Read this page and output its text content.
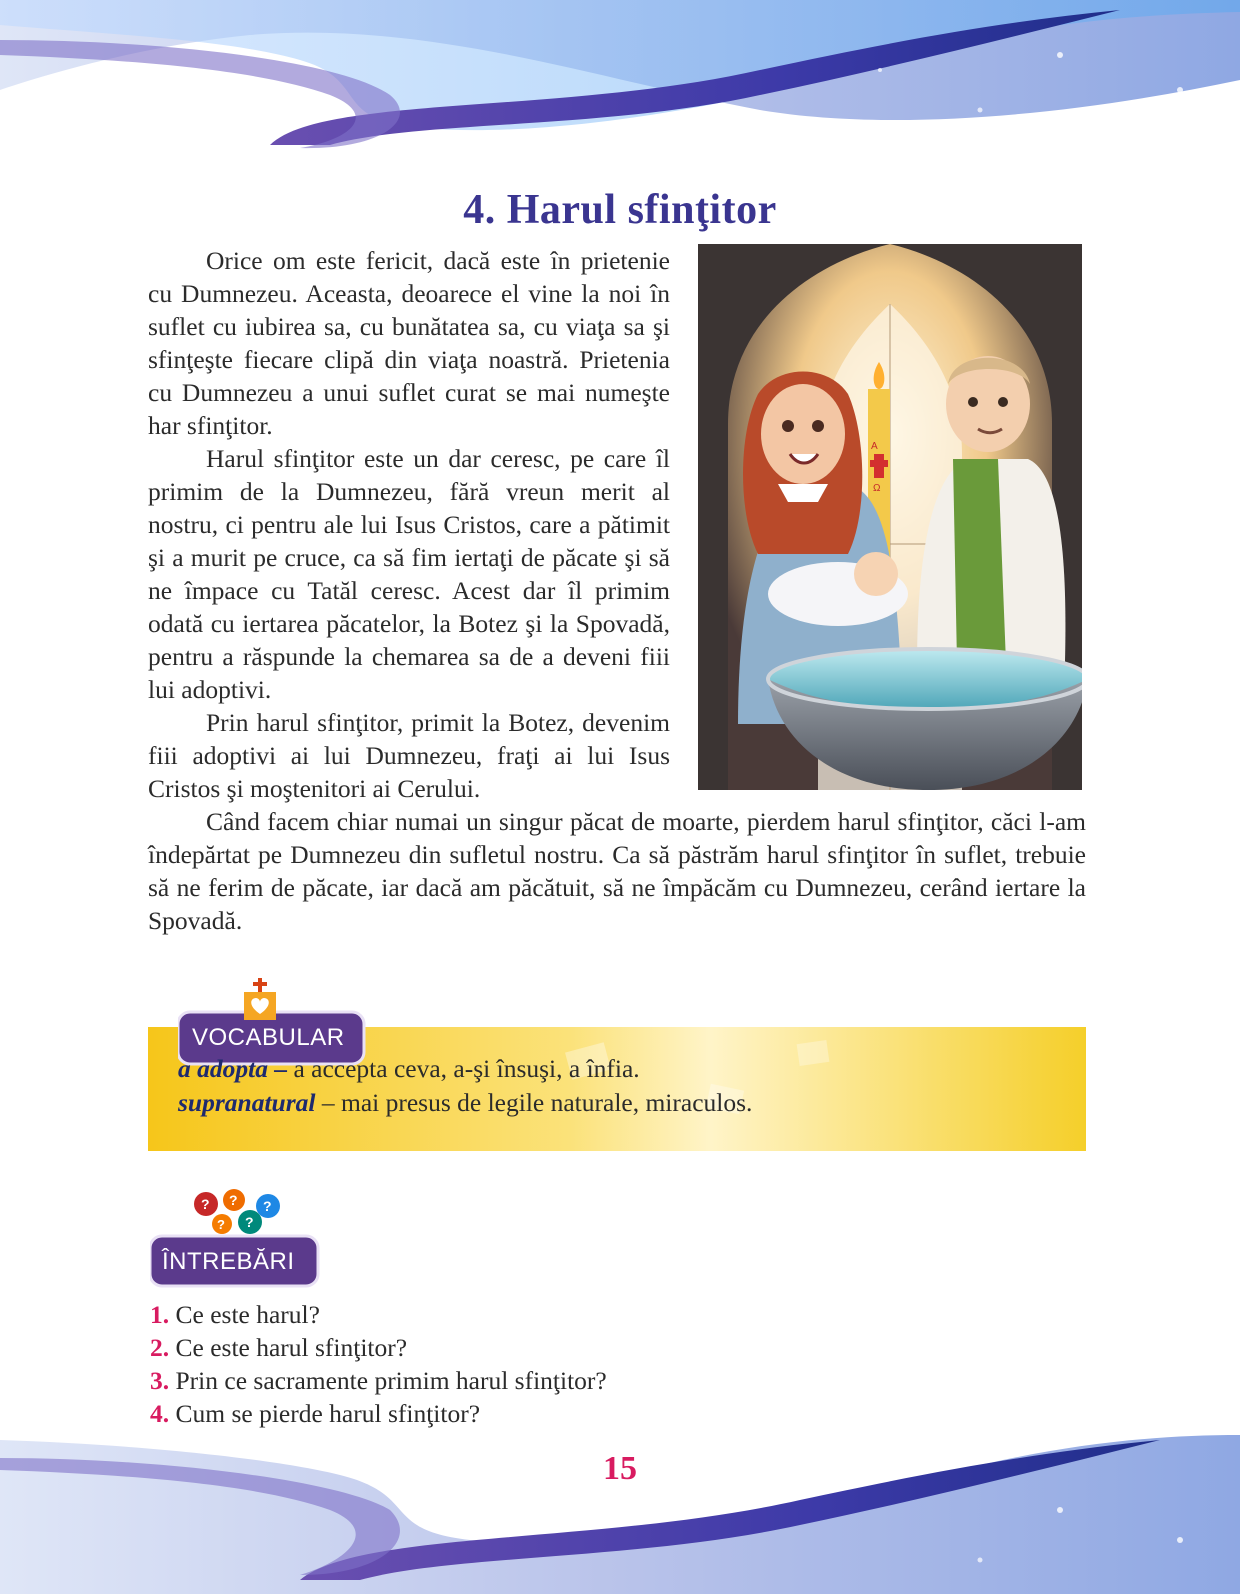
4. Harul sfinţitor

Orice om este fericit, dacă este în prietenie cu Dumnezeu. Aceasta, deoarece el vine la noi în suflet cu iubirea sa, cu bunătatea sa, cu viaţa sa şi sfinţeşte fiecare clipă din viaţa noastră. Prietenia cu Dumnezeu a unui suflet curat se mai numeşte har sfinţitor.

Harul sfinţitor este un dar ceresc, pe care îl primim de la Dumnezeu, fără vreun merit al nostru, ci pentru ale lui Isus Cristos, care a pătimit şi a murit pe cruce, ca să fim iertaţi de păcate şi să ne împace cu Tatăl ceresc. Acest dar îl primim odată cu iertarea păcatelor, la Botez şi la Spovadă, pentru a răspunde la chemarea sa de a deveni fiii lui adoptivi.

Prin harul sfinţitor, primit la Botez, devenim fiii adoptivi ai lui Dumnezeu, fraţi ai lui Isus Cristos şi moştenitori ai Cerului.

Când facem chiar numai un singur păcat de moarte, pierdem harul sfinţitor, căci l-am îndepărtat pe Dumnezeu din sufletul nostru. Ca să păstrăm harul sfinţitor în suflet, trebuie să ne ferim de păcate, iar dacă am păcătuit, să ne împăcăm cu Dumnezeu, cerând iertare la Spovadă.

A
Ω
VOCABULAR
a adopta – a accepta ceva, a-şi însuşi, a înfia.
supranatural – mai presus de legile naturale, miraculos.
? ? ?
? ?
ÎNTREBĂRI
1. Ce este harul?
2. Ce este harul sfinţitor?
3. Prin ce sacramente primim harul sfinţitor?
4. Cum se pierde harul sfinţitor?
15
